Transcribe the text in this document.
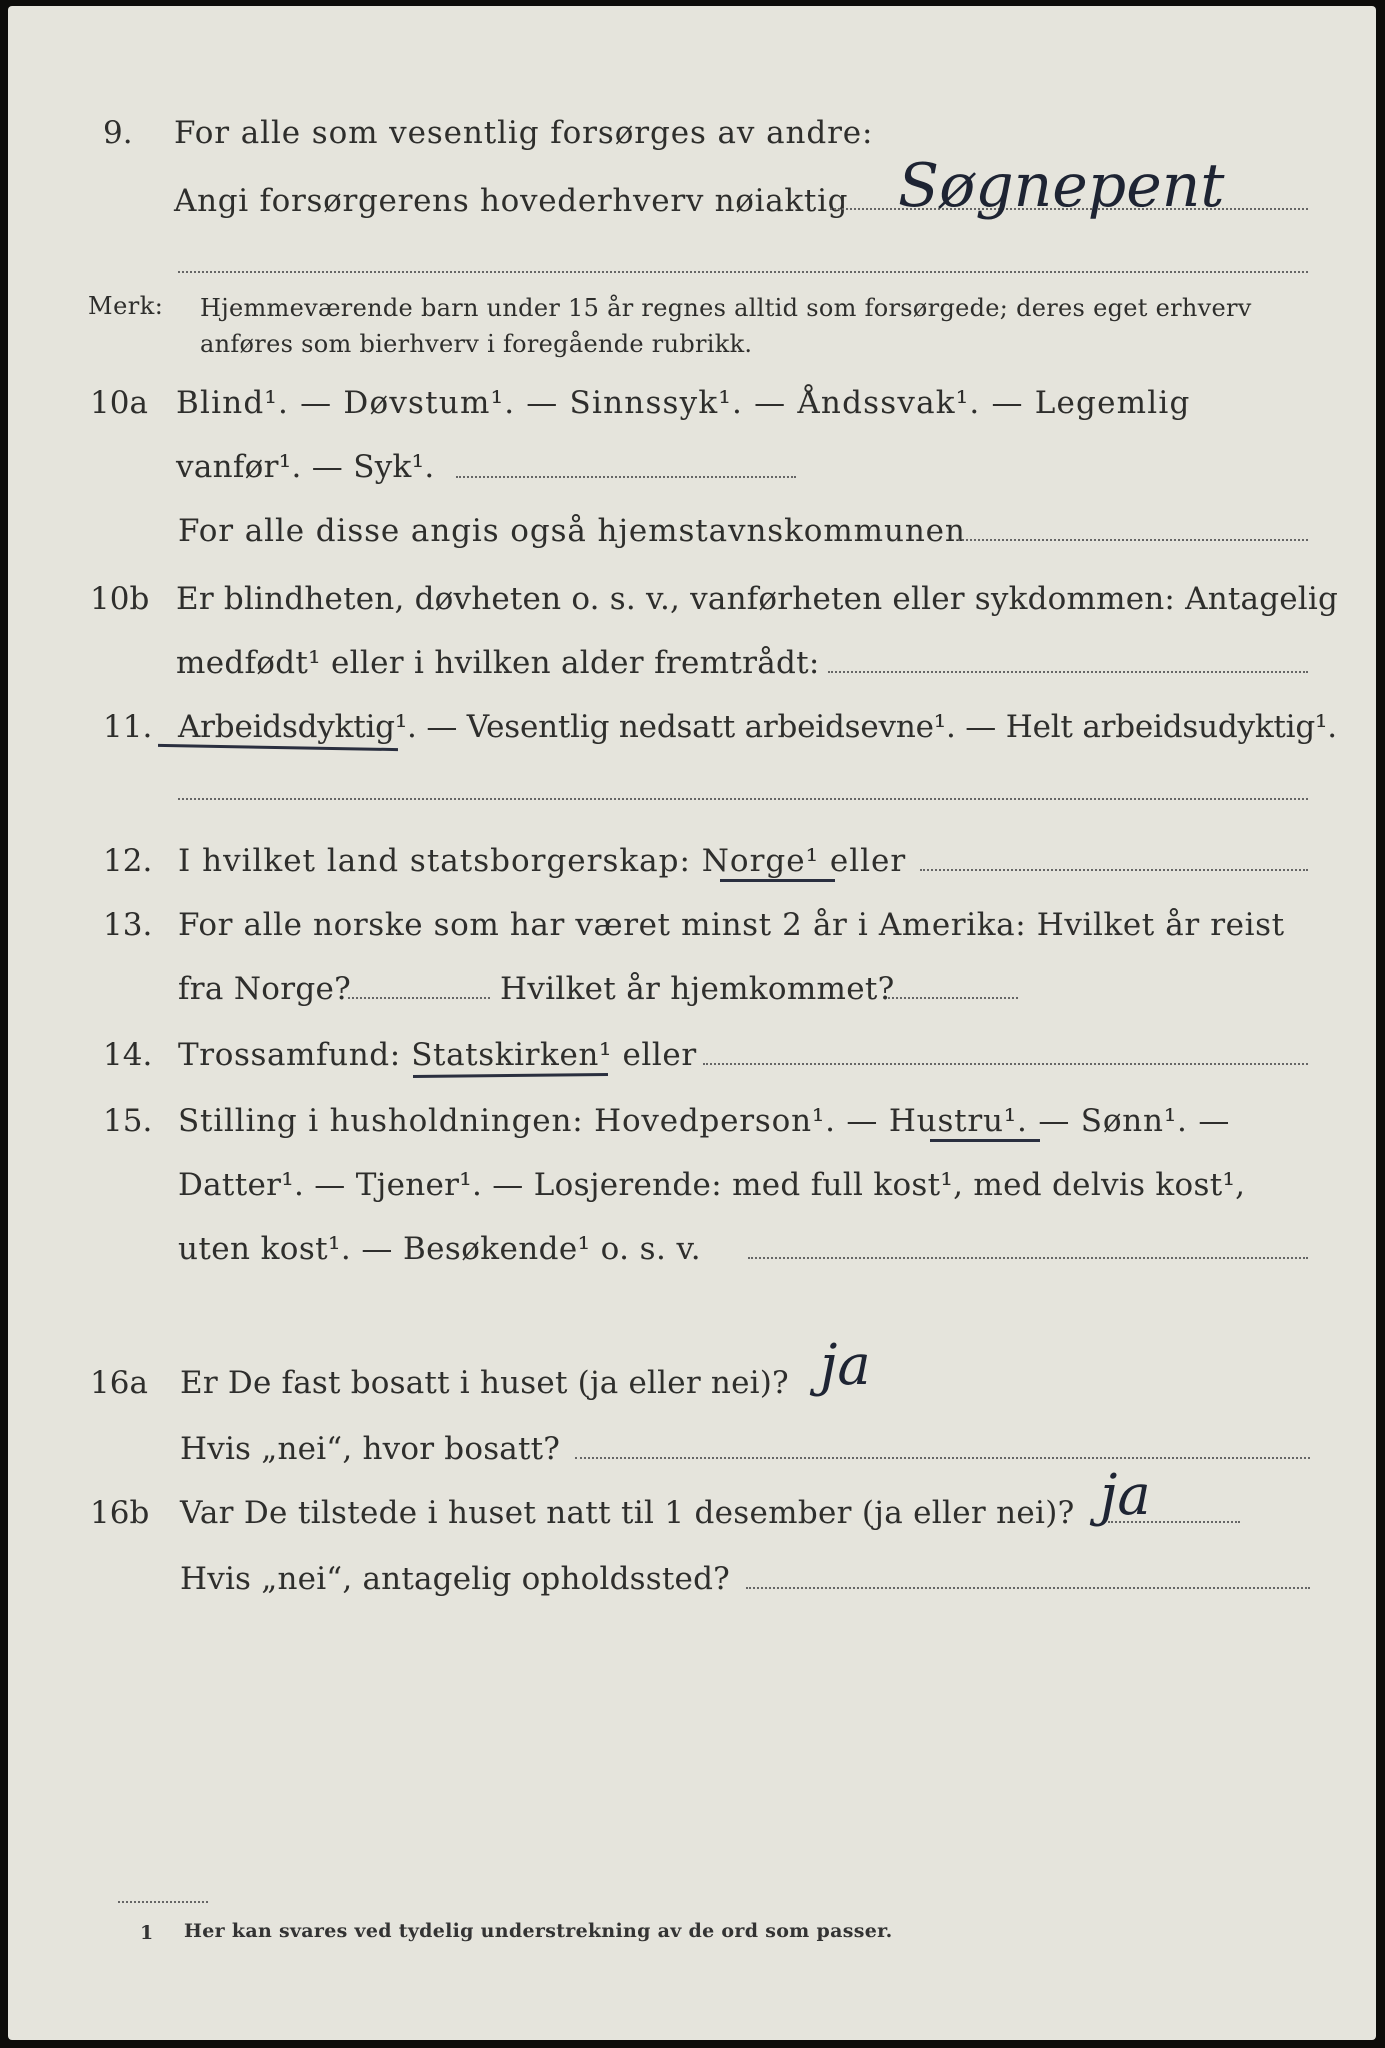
9. For alle som vesentlig forsørges av andre:
Angi forsørgerens hovederhverv nøiaktig Søgnepent
Merk: Hjemmeværende barn under 15 år regnes alltid som forsørgede; deres eget erhverv
anføres som bierhverv i foregående rubrikk.
10a Blind¹. — Døvstum¹. — Sinnssyk¹. — Åndssvak¹. — Legemlig
vanfør¹. — Syk¹.
For alle disse angis også hjemstavnskommunen
10b Er blindheten, døvheten o. s. v., vanførheten eller sykdommen: Antagelig
medfødt¹ eller i hvilken alder fremtrådt:
11. Arbeidsdyktig¹. — Vesentlig nedsatt arbeidsevne¹. — Helt arbeidsudyktig¹.
12. I hvilket land statsborgerskap: Norge¹ eller
13. For alle norske som har været minst 2 år i Amerika: Hvilket år reist
fra Norge?	Hvilket år hjemkommet?
14. Trossamfund: Statskirken¹ eller
15. Stilling i husholdningen: Hovedperson¹. — Hustru¹. — Sønn¹. —
Datter¹. — Tjener¹. — Losjerende: med full kost¹, med delvis kost¹,
uten kost¹. — Besøkende¹ o. s. v.
16a Er De fast bosatt i huset (ja eller nei)? ja
Hvis „nei“, hvor bosatt?
16b Var De tilstede i huset natt til 1 desember (ja eller nei)? ja
Hvis „nei“, antagelig opholdssted?
1 Her kan svares ved tydelig understrekning av de ord som passer.
